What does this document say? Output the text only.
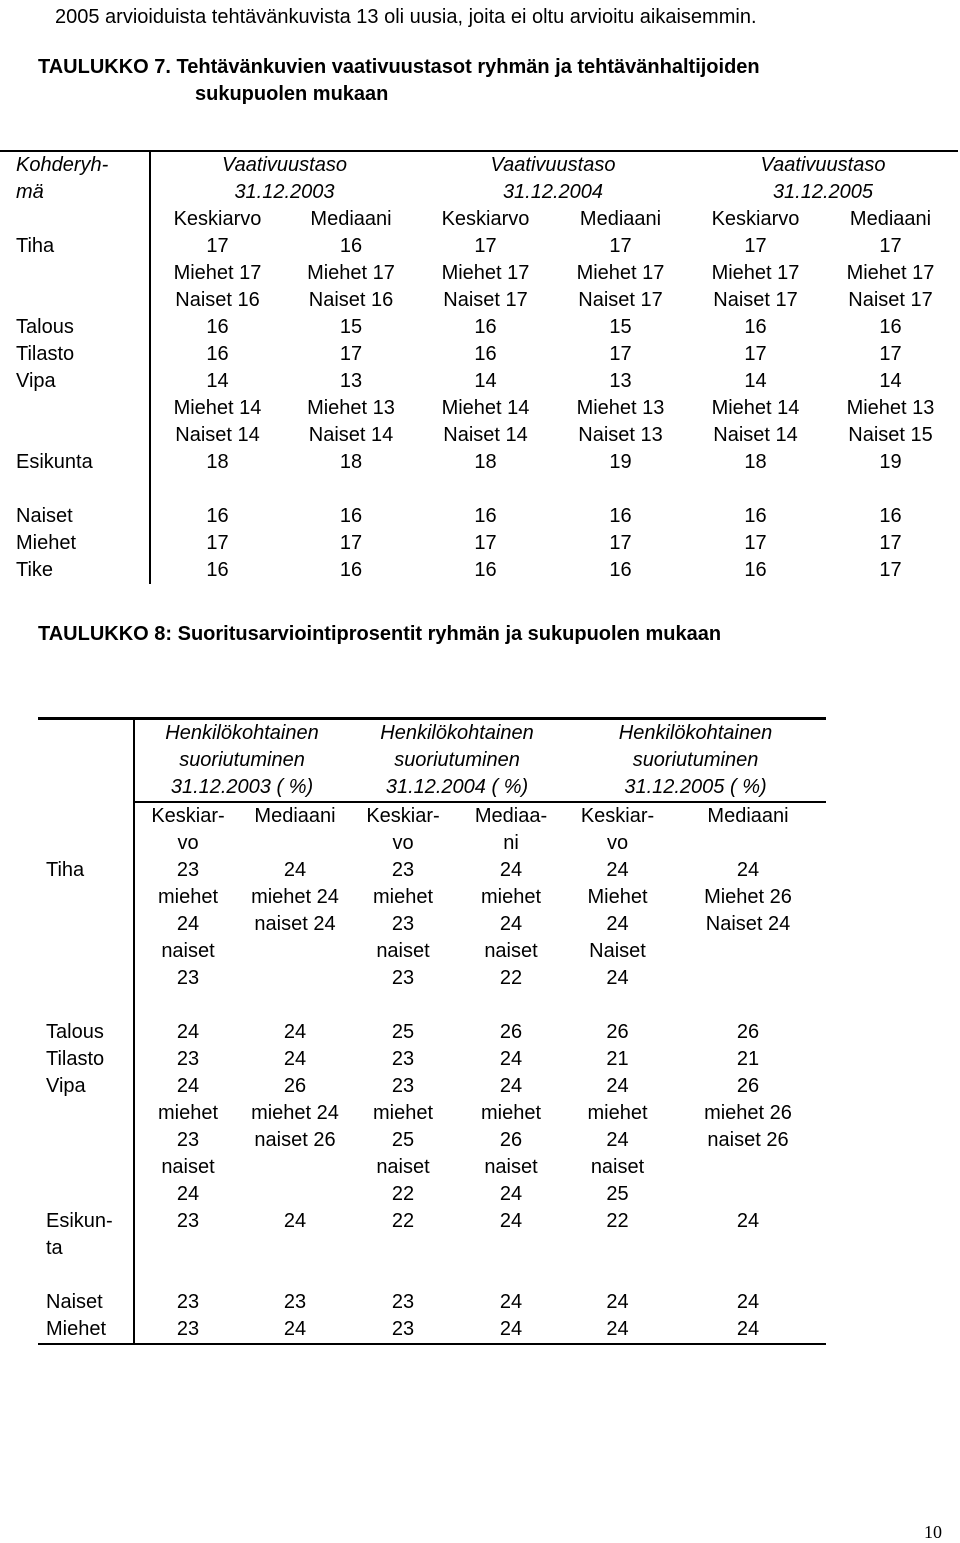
2005 arvioiduista tehtävänkuvista 13 oli uusia, joita ei oltu arvioitu aikaisemmin.
TAULUKKO 7. Tehtävänkuvien vaativuustasot ryhmän ja tehtävänhaltijoiden
sukupuolen mukaan
Kohderyh-	Vaativuustaso		Vaativuustaso		Vaativuustaso	
mä	31.12.2003		31.12.2004		31.12.2005	
	Keskiarvo	Mediaani	Keskiarvo	Mediaani	Keskiarvo	Mediaani
Tiha	17	16	17	17	17	17
	Miehet 17	Miehet 17	Miehet 17	Miehet 17	Miehet 17	Miehet 17
	Naiset 16	Naiset 16	Naiset 17	Naiset 17	Naiset 17	Naiset 17
Talous	16	15	16	15	16	16
Tilasto	16	17	16	17	17	17
Vipa	14	13	14	13	14	14
	Miehet 14	Miehet 13	Miehet 14	Miehet 13	Miehet 14	Miehet 13
	Naiset 14	Naiset 14	Naiset 14	Naiset 13	Naiset 14	Naiset 15
Esikunta	18	18	18	19	18	19

Naiset	16	16	16	16	16	16
Miehet	17	17	17	17	17	17
Tike	16	16	16	16	16	17
TAULUKKO 8: Suoritusarviointiprosentit ryhmän ja sukupuolen mukaan
	Henkilökohtainen		Henkilökohtainen		Henkilökohtainen	
	suoriutuminen		suoriutuminen		suoriutuminen	
	31.12.2003 ( %)		31.12.2004 ( %)		31.12.2005 ( %)	
	Keskiar-	Mediaani	Keskiar-	Mediaa-	Keskiar-	Mediaani
	vo		vo	ni	vo	
Tiha	23	24	23	24	24	24
	miehet	miehet 24	miehet	miehet	Miehet	Miehet 26
	24	naiset 24	23	24	24	Naiset 24
	naiset		naiset	naiset	Naiset	
	23		23	22	24	

Talous	24	24	25	26	26	26
Tilasto	23	24	23	24	21	21
Vipa	24	26	23	24	24	26
	miehet	miehet 24	miehet	miehet	miehet	miehet 26
	23	naiset 26	25	26	24	naiset 26
	naiset		naiset	naiset	naiset	
	24		22	24	25	
Esikun-	23	24	22	24	22	24
ta						

Naiset	23	23	23	24	24	24
Miehet	23	24	23	24	24	24
10
